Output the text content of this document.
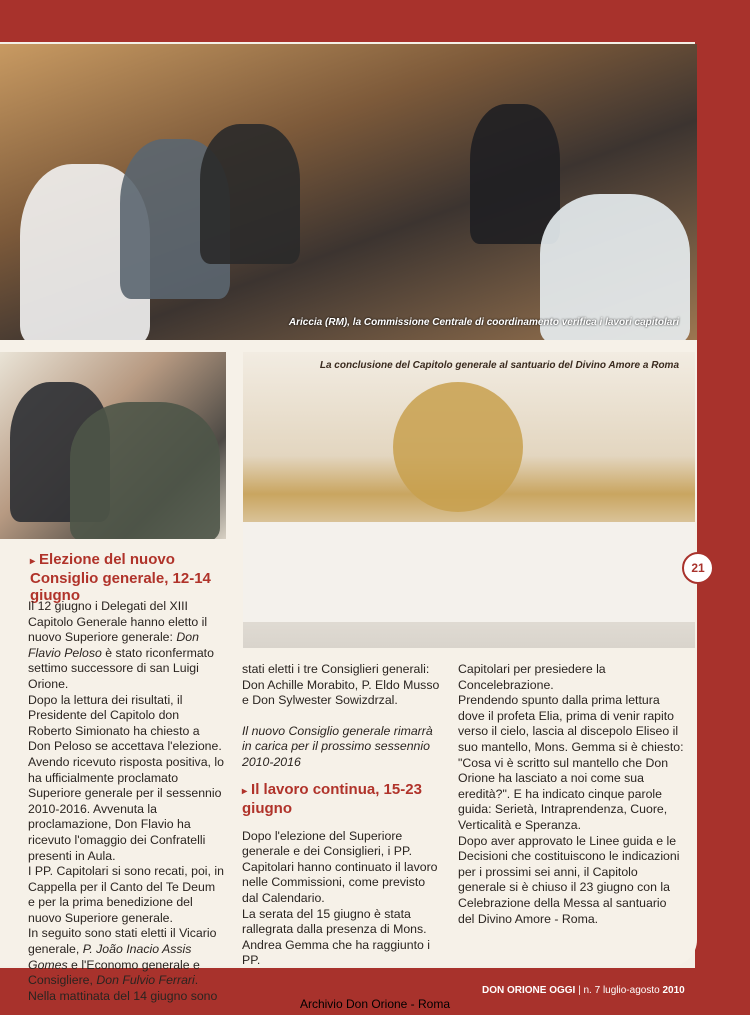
Ariccia (RM), la Commissione Centrale di coordinamento verifica i lavori capitolari
La conclusione del Capitolo generale al santuario del Divino Amore a Roma
21
▸ Elezione del nuovo Consiglio generale, 12-14 giugno

Il 12 giugno i Delegati del XIII Capitolo Generale hanno eletto il nuovo Superiore generale: Don Flavio Peloso è stato riconfermato settimo successore di san Luigi Orione.

Dopo la lettura dei risultati, il Presidente del Capitolo don Roberto Simionato ha chiesto a Don Peloso se accettava l'elezione. Avendo ricevuto risposta positiva, lo ha ufficialmente proclamato Superiore generale per il sessennio 2010-2016. Avvenuta la proclamazione, Don Flavio ha ricevuto l'omaggio dei Confratelli presenti in Aula.

I PP. Capitolari si sono recati, poi, in Cappella per il Canto del Te Deum e per la prima benedizione del nuovo Superiore generale.

In seguito sono stati eletti il Vicario generale, P. João Inacio Assis Gomes e l'Economo generale e Consigliere, Don Fulvio Ferrari.

Nella mattinata del 14 giugno sono

stati eletti i tre Consiglieri generali: Don Achille Morabito, P. Eldo Musso e Don Sylwester Sowizdrzal.

Il nuovo Consiglio generale rimarrà in carica per il prossimo sessennio 2010-2016

▸ Il lavoro continua, 15-23 giugno

Dopo l'elezione del Superiore generale e dei Consiglieri, i PP. Capitolari hanno continuato il lavoro nelle Commissioni, come previsto dal Calendario.

La serata del 15 giugno è stata rallegrata dalla presenza di Mons. Andrea Gemma che ha raggiunto i PP.

Capitolari per presiedere la Concelebrazione.

Prendendo spunto dalla prima lettura dove il profeta Elia, prima di venir rapito verso il cielo, lascia al discepolo Eliseo il suo mantello, Mons. Gemma si è chiesto: "Cosa vi è scritto sul mantello che Don Orione ha lasciato a noi come sua eredità?". E ha indicato cinque parole guida: Serietà, Intraprendenza, Cuore, Verticalità e Speranza.

Dopo aver approvato le Linee guida e le Decisioni che costituiscono le indicazioni per i prossimi sei anni, il Capitolo generale si è chiuso il 23 giugno con la Celebrazione della Messa al santuario del Divino Amore - Roma.

DON ORIONE OGGI | n. 7 luglio-agosto 2010
Archivio Don Orione - Roma
